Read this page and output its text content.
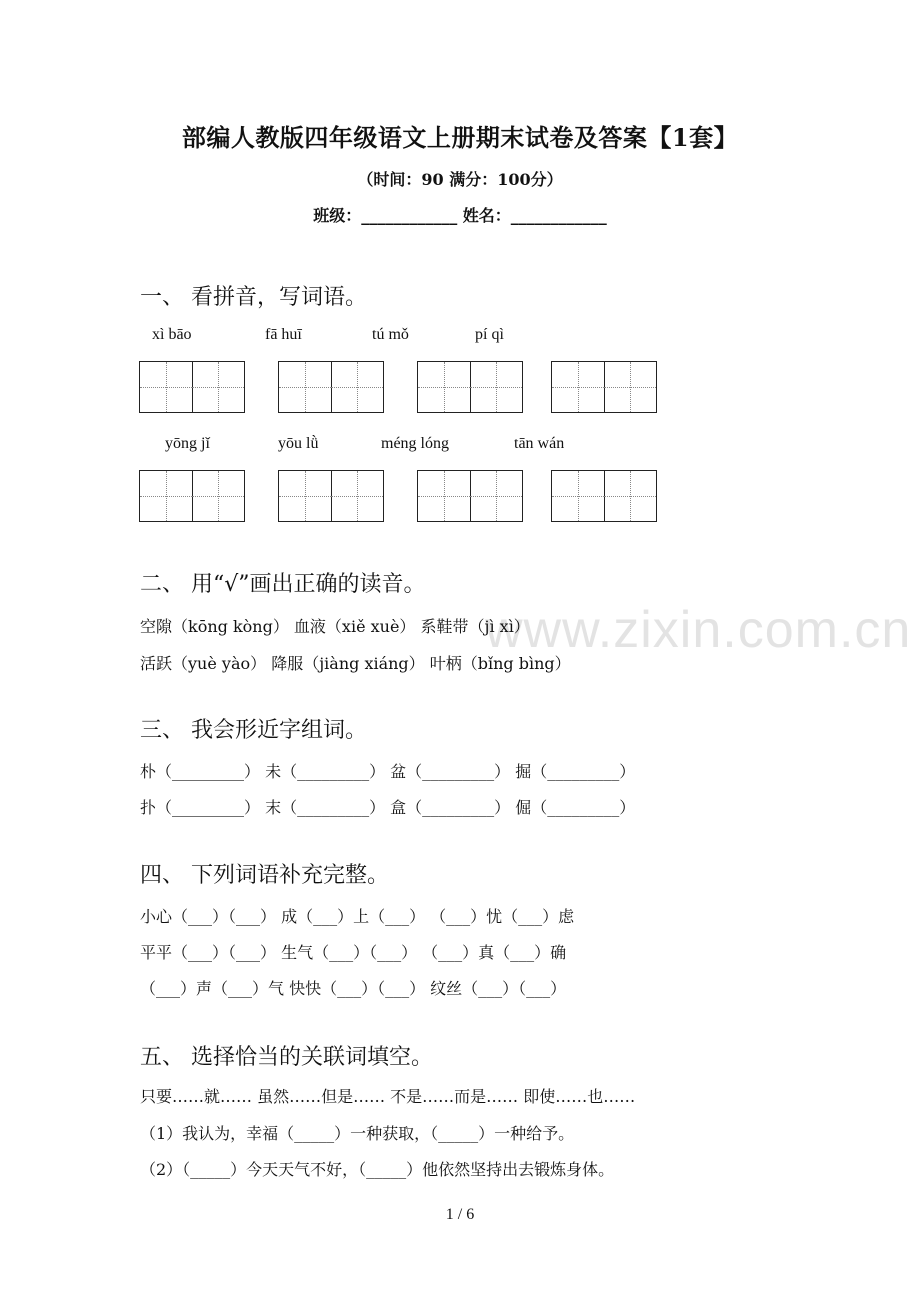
部编人教版四年级语文上册期末试卷及答案【1套】
（时间：90 满分：100分）
班级：____________ 姓名：____________
www.zixin.com.cn
一、 看拼音，写词语。
xì bāo	fā huī	tú mǒ	pí qì
yōng jǐ	yōu lǜ	méng lóng	tān wán
二、 用“√”画出正确的读音。
空隙（kōng kòng） 血液（xiě xuè） 系鞋带（jì xì）
活跃（yuè yào） 降服（jiàng xiáng） 叶柄（bǐng bìng）
三、 我会形近字组词。
朴（_________） 未（_________） 盆（_________） 掘（_________）
扑（_________） 末（_________） 盒（_________） 倔（_________）
四、 下列词语补充完整。
小心（___）（___） 成（___）上（___） （___）忧（___）虑
平平（___）（___） 生气（___）（___） （___）真（___）确
（___）声（___）气 快快（___）（___） 纹丝（___）（___）
五、 选择恰当的关联词填空。
只要……就…… 虽然……但是…… 不是……而是…… 即使……也……
（1）我认为，幸福（_____）一种获取，（_____）一种给予。
（2）（_____）今天天气不好，（_____）他依然坚持出去锻炼身体。
1 / 6
